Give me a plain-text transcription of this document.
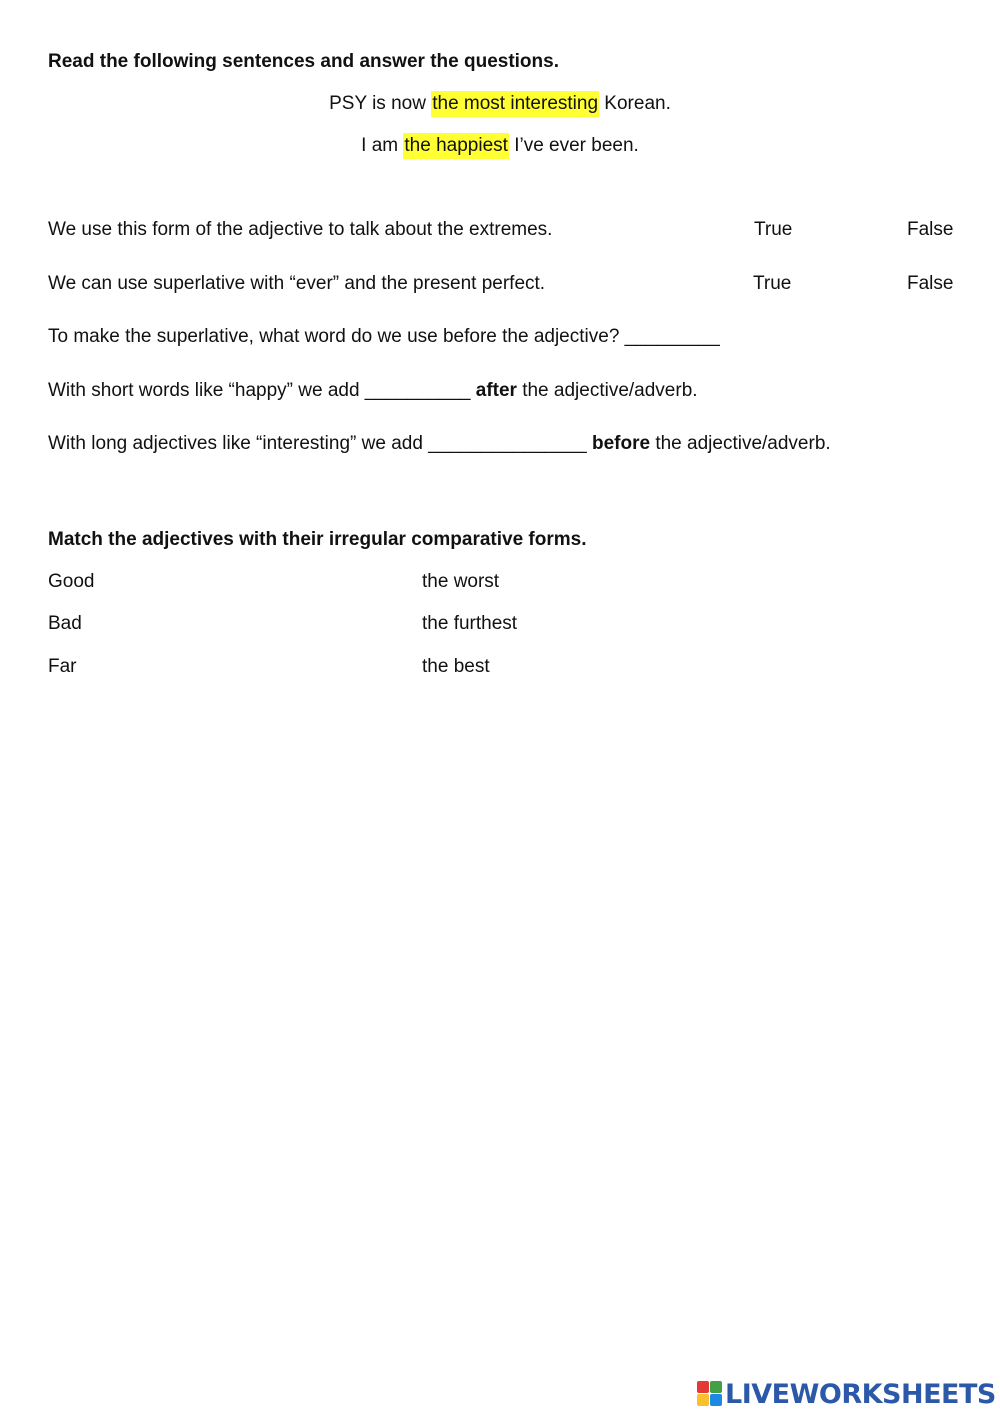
Read the following sentences and answer the questions.
PSY is now the most interesting Korean.
I am the happiest I’ve ever been.
We use this form of the adjective to talk about the extremes.	True	False
We can use superlative with “ever” and the present perfect.	True	False
To make the superlative, what word do we use before the adjective? _________
With short words like “happy” we add __________ after the adjective/adverb.
With long adjectives like “interesting” we add _______________ before the adjective/adverb.
Match the adjectives with their irregular comparative forms.
Good	the worst
Bad	the furthest
Far	the best
LIVEWORKSHEETS
